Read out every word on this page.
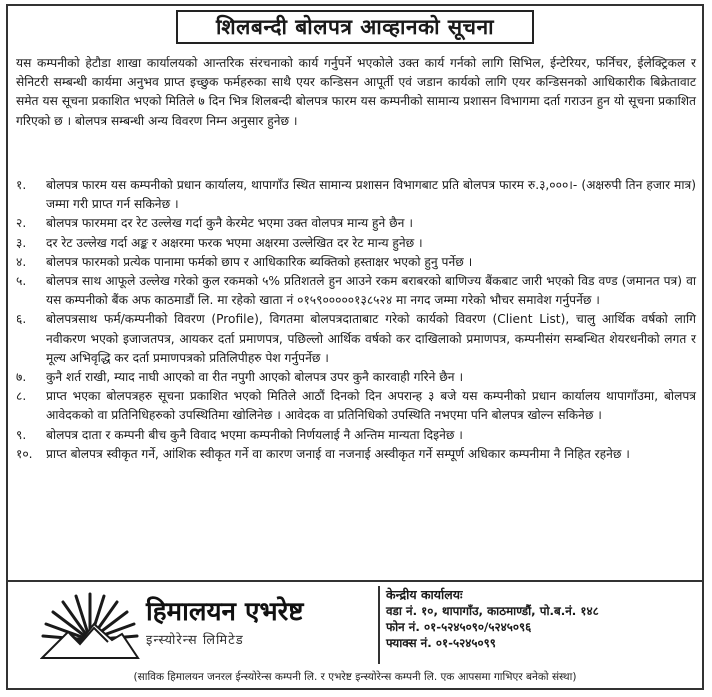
शिलबन्दी बोलपत्र आव्हानको सूचना
यस कम्पनीको हेटौडा शाखा कार्यालयको आन्तरिक संरचनाको कार्य गर्नुपर्ने भएकोले उक्त कार्य गर्नको लागि सिभिल, ईन्टेरियर, फर्निचर, ईलेक्ट्रिकल र सेनिटरी सम्बन्धी कार्यमा अनुभव प्राप्त इच्छुक फर्महरुका साथै एयर कन्डिसन आपूर्ती एवं जडान कार्यको लागि एयर कन्डिसनको आधिकारीक बिक्रेतावाट समेत यस सूचना प्रकाशित भएको मितिले ७ दिन भित्र शिलबन्दी बोलपत्र फारम यस कम्पनीको सामान्य प्रशासन विभागमा दर्ता गराउन हुन यो सूचना प्रकाशित गरिएको छ । बोलपत्र सम्बन्धी अन्य विवरण निम्न अनुसार हुनेछ ।
१.	बोलपत्र फारम यस कम्पनीको प्रधान कार्यालय, थापागाँउ स्थित सामान्य प्रशासन विभागबाट प्रति बोलपत्र फारम रु.३,०००।- (अक्षरुपी तिन हजार मात्र) जम्मा गरी प्राप्त गर्न सकिनेछ ।
२.	बोलपत्र फारममा दर रेट उल्लेख गर्दा कुनै केरमेट भएमा उक्त वोलपत्र मान्य हुने छैन ।
३.	दर रेट उल्लेख गर्दा अङ्क र अक्षरमा फरक भएमा अक्षरमा उल्लेखित दर रेट मान्य हुनेछ ।
४.	बोलपत्र फारमको प्रत्येक पानामा फर्मको छाप र आधिकारिक ब्यक्तिको हस्ताक्षर भएको हुनु पर्नेछ ।
५.	बोलपत्र साथ आफूले उल्लेख गरेको कुल रकमको ५% प्रतिशतले हुन आउने रकम बराबरको बाणिज्य बैंकबाट जारी भएको विड वण्ड (जमानत पत्र) वा यस कम्पनीको बैंक अफ काठमाडौं लि. मा रहेको खाता नं ०१५९०००००१३८५२४ मा नगद जम्मा गरेको भौचर समावेश गर्नुपर्नेछ ।
६.	बोलपत्रसाथ फर्म/कम्पनीको विवरण (Profile), विगतमा बोलपत्रदाताबाट गरेको कार्यको विवरण (Client List), चालु आर्थिक वर्षको लागि नवीकरण भएको इजाजतपत्र, आयकर दर्ता प्रमाणपत्र, पछिल्लो आर्थिक वर्षको कर दाखिलाको प्रमाणपत्र, कम्पनीसंग सम्बन्धित शेयरधनीको लगत र मूल्य अभिवृद्धि कर दर्ता प्रमाणपत्रको प्रतिलिपीहरु पेश गर्नुपर्नेछ ।
७.	कुनै शर्त राखी, म्याद नाघी आएको वा रीत नपुगी आएको बोलपत्र उपर कुनै कारवाही गरिने छैन ।
८.	प्राप्त भएका बोलपत्रहरु सूचना प्रकाशित भएको मितिले आठौं दिनको दिन अपरान्ह ३ बजे यस कम्पनीको प्रधान कार्यालय थापागाँउमा, बोलपत्र आवेदकको वा प्रतिनिधिहरुको उपस्थितिमा खोलिनेछ । आवेदक वा प्रतिनिधिको उपस्थिति नभएमा पनि बोलपत्र खोल्न सकिनेछ ।
९.	बोलपत्र दाता र कम्पनी बीच कुनै विवाद भएमा कम्पनीको निर्णयलाई नै अन्तिम मान्यता दिइनेछ ।
१०.	प्राप्त बोलपत्र स्वीकृत गर्ने, आंशिक स्वीकृत गर्ने वा कारण जनाई वा नजनाई अस्वीकृत गर्ने सम्पूर्ण अधिकार कम्पनीमा नै निहित रहनेछ ।
हिमालयन एभरेष्ट
इन्स्योरेन्स लिमिटेड
केन्द्रीय कार्यालयः
वडा नं. १०, थापागाँउ, काठमाण्डौं, पो.ब.नं. १४८
फोन नं. ०१-५२४५०९०/५२४५०९६
फ्याक्स नं. ०१-५२४५०९९
(साविक हिमालयन जनरल ईन्स्योरेन्स कम्पनी लि. र एभरेष्ट इन्स्योरेन्स कम्पनी लि. एक आपसमा गाभिएर बनेको संस्था)
